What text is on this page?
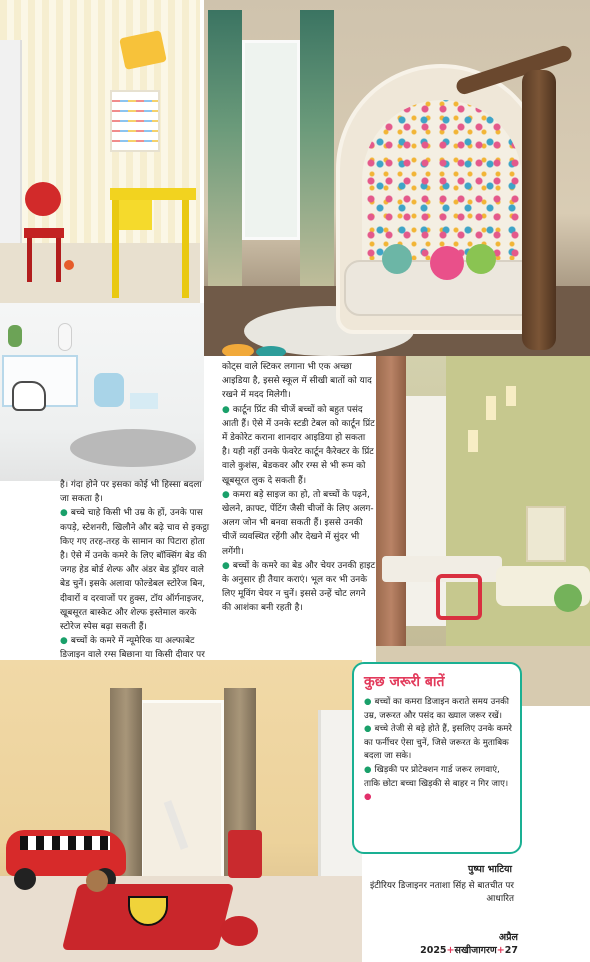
है। गंदा होने पर इसका कोई भी हिस्सा बदला जा सकता है।

● बच्चे चाहे किसी भी उम्र के हों, उनके पास कपड़े, स्टेशनरी, खिलौने और बढ़े चाव से इकट्ठा किए गए तरह-तरह के सामान का पिटारा होता है। ऐसे में उनके कमरे के लिए बॉक्सिंग बेड की जगह हेड बोर्ड शेल्फ और अंडर बेड ड्रॉयर वाले बेड चुनें। इसके अलावा फोल्डेबल स्टोरेज बिन, दीवारों व दरवाजों पर हुक्स, टॉय ऑर्गनाइजर, खूबसूरत बास्केट और शेल्फ इस्तेमाल करके स्टोरेज स्पेस बढ़ा सकती हैं।

● बच्चों के कमरे में न्यूमेरिक या अल्फाबेट डिजाइन वाले रग्स बिछाना या किसी दीवार पर

कोट्स वाले स्टिकर लगाना भी एक अच्छा आइडिया है, इससे स्कूल में सीखी बातों को याद रखने में मदद मिलेगी।

● कार्टून प्रिंट की चीजें बच्चों को बहुत पसंद आती हैं। ऐसे में उनके स्टडी टेबल को कार्टून प्रिंट में डेकोरेट कराना शानदार आइडिया हो सकता है। यही नहीं उनके फेवरेट कार्टून कैरेक्टर के प्रिंट वाले कुशंस, बेडकवर और रग्स से भी रूम को खूबसूरत लुक दे सकती हैं।

● कमरा बड़े साइज का हो, तो बच्चों के पढ़ने, खेलने, क्राफ्ट, पेंटिंग जैसी चीजों के लिए अलग-अलग जोन भी बनवा सकती हैं। इससे उनकी चीजें व्यवस्थित रहेंगी और देखने में सुंदर भी लगेंगी।

● बच्चों के कमरे का बेड और चेयर उनकी हाइट के अनुसार ही तैयार कराएं। भूल कर भी उनके लिए मूविंग चेयर न चुनें। इससे उन्हें चोट लगने की आशंका बनी रहती है।

कुछ जरूरी बातें

● बच्चों का कमरा डिजाइन कराते समय उनकी उम्र, जरूरत और पसंद का ख्याल जरूर रखें।

● बच्चे तेजी से बड़े होते हैं, इसलिए उनके कमरे का फर्नीचर ऐसा चुनें, जिसे जरूरत के मुताबिक बदला जा सके।

● खिड़की पर प्रोटेक्शन गार्ड जरूर लगवाएं, ताकि छोटा बच्चा खिड़की से बाहर न गिर जाए। ●

पुष्पा भाटिया
इंटीरियर डिजाइनर नताशा सिंह से बातचीत पर आधारित
अप्रैल 2025+सखीजागरण+27
